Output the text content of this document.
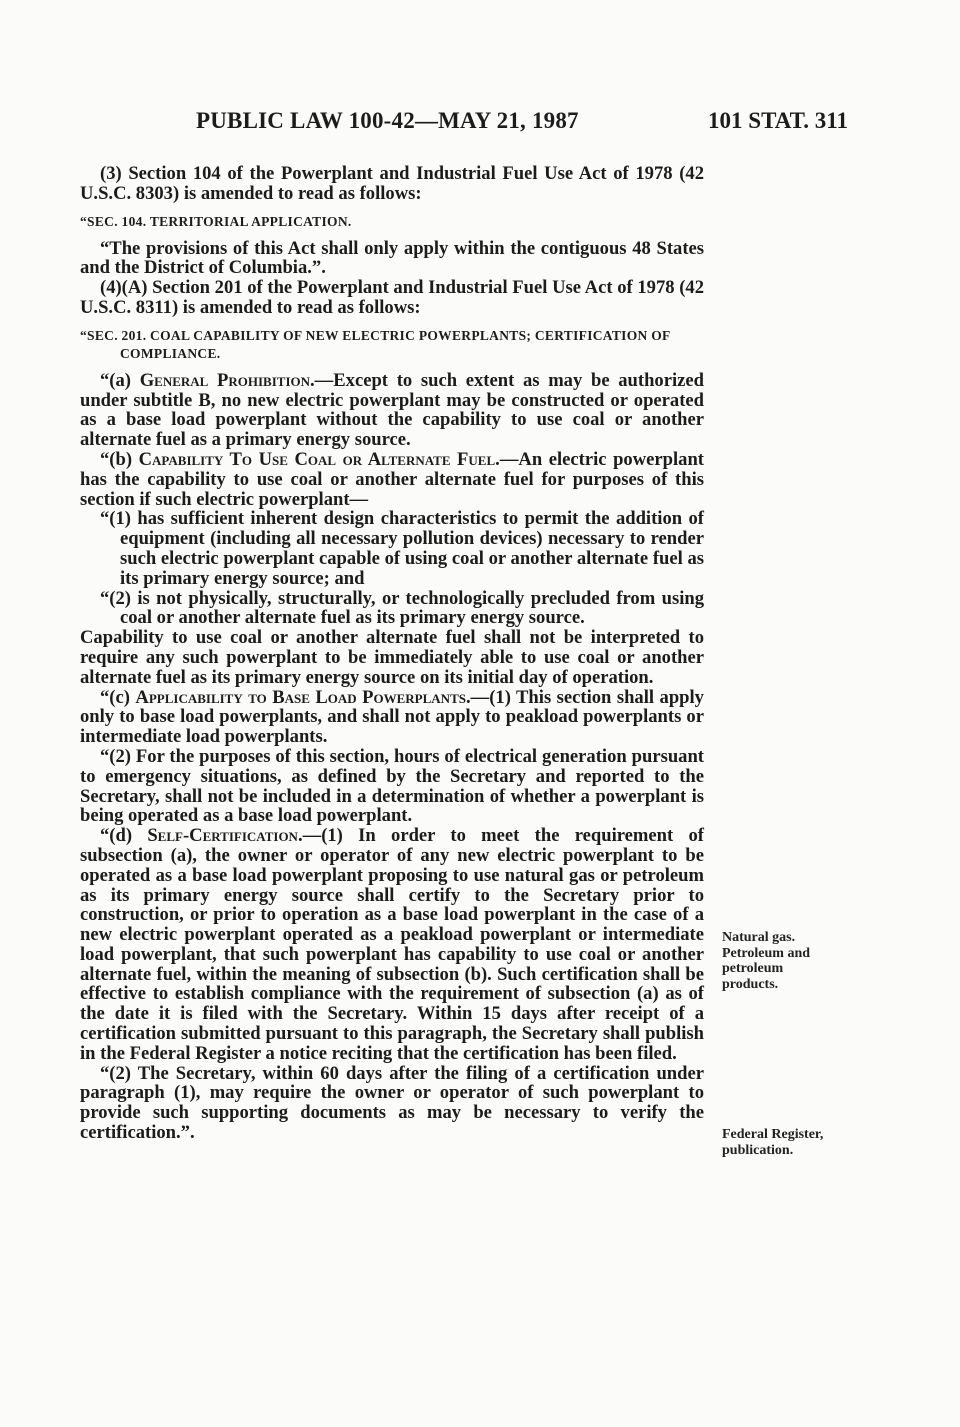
PUBLIC LAW 100-42—MAY 21, 1987	101 STAT. 311

(3) Section 104 of the Powerplant and Industrial Fuel Use Act of 1978 (42 U.S.C. 8303) is amended to read as follows:

“SEC. 104. TERRITORIAL APPLICATION.

“The provisions of this Act shall only apply within the contiguous 48 States and the District of Columbia.”.

(4)(A) Section 201 of the Powerplant and Industrial Fuel Use Act of 1978 (42 U.S.C. 8311) is amended to read as follows:

“SEC. 201. COAL CAPABILITY OF NEW ELECTRIC POWERPLANTS; CERTIFICATION OF COMPLIANCE.

“(a) General Prohibition.—Except to such extent as may be authorized under subtitle B, no new electric powerplant may be constructed or operated as a base load powerplant without the capability to use coal or another alternate fuel as a primary energy source.

“(b) Capability To Use Coal or Alternate Fuel.—An electric powerplant has the capability to use coal or another alternate fuel for purposes of this section if such electric powerplant—

“(1) has sufficient inherent design characteristics to permit the addition of equipment (including all necessary pollution devices) necessary to render such electric powerplant capable of using coal or another alternate fuel as its primary energy source; and

“(2) is not physically, structurally, or technologically precluded from using coal or another alternate fuel as its primary energy source.

Capability to use coal or another alternate fuel shall not be interpreted to require any such powerplant to be immediately able to use coal or another alternate fuel as its primary energy source on its initial day of operation.

“(c) Applicability to Base Load Powerplants.—(1) This section shall apply only to base load powerplants, and shall not apply to peakload powerplants or intermediate load powerplants.

“(2) For the purposes of this section, hours of electrical generation pursuant to emergency situations, as defined by the Secretary and reported to the Secretary, shall not be included in a determination of whether a powerplant is being operated as a base load powerplant.

“(d) Self-Certification.—(1) In order to meet the requirement of subsection (a), the owner or operator of any new electric powerplant to be operated as a base load powerplant proposing to use natural gas or petroleum as its primary energy source shall certify to the Secretary prior to construction, or prior to operation as a base load powerplant in the case of a new electric powerplant operated as a peakload powerplant or intermediate load powerplant, that such powerplant has capability to use coal or another alternate fuel, within the meaning of subsection (b). Such certification shall be effective to establish compliance with the requirement of subsection (a) as of the date it is filed with the Secretary. Within 15 days after receipt of a certification submitted pursuant to this paragraph, the Secretary shall publish in the Federal Register a notice reciting that the certification has been filed.

“(2) The Secretary, within 60 days after the filing of a certification under paragraph (1), may require the owner or operator of such powerplant to provide such supporting documents as may be necessary to verify the certification.”.

Natural gas. Petroleum and petroleum products.
Federal Register, publication.
